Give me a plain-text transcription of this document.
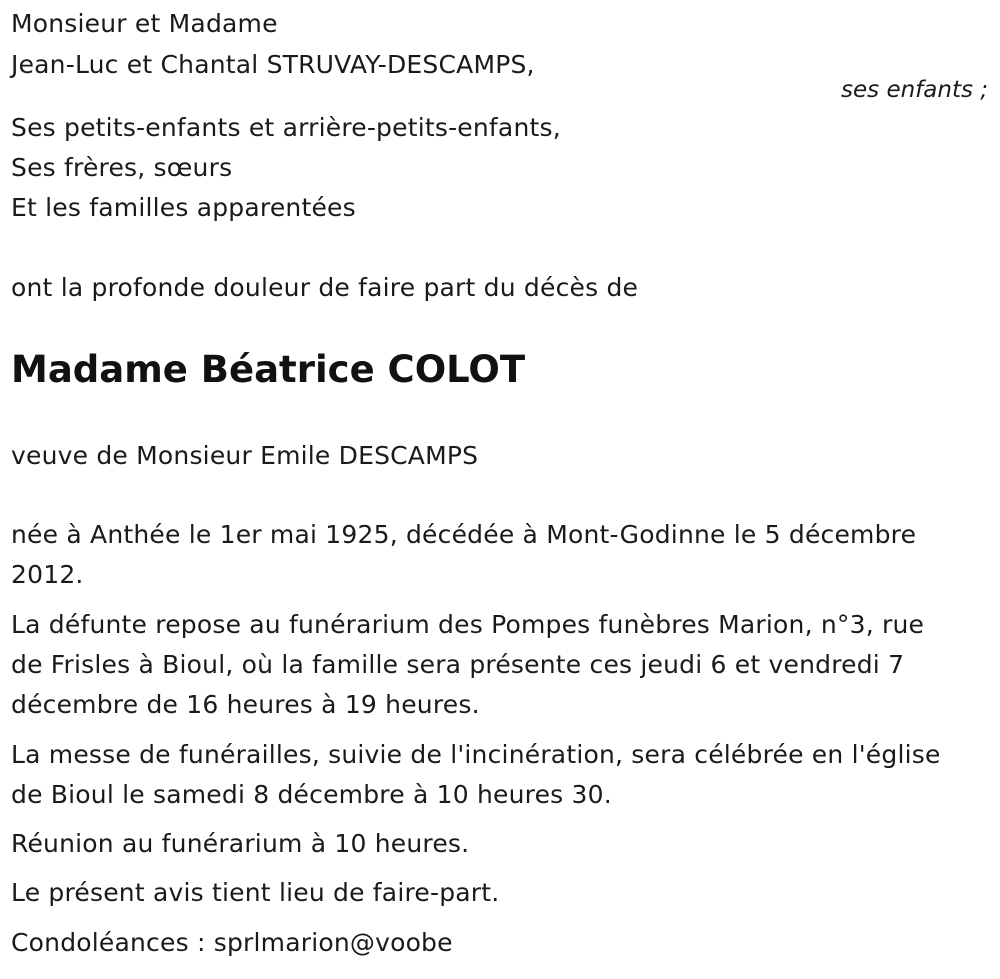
Monsieur et Madame
Jean-Luc et Chantal STRUVAY-DESCAMPS,
ses enfants ;
Ses petits-enfants et arrière-petits-enfants,
Ses frères, sœurs
Et les familles apparentées
ont la profonde douleur de faire part du décès de
Madame Béatrice COLOT
veuve de Monsieur Emile DESCAMPS
née à Anthée le 1er mai 1925, décédée à Mont-Godinne le 5 décembre
2012.
La défunte repose au funérarium des Pompes funèbres Marion, n°3, rue
de Frisles à Bioul, où la famille sera présente ces jeudi 6 et vendredi 7
décembre de 16 heures à 19 heures.
La messe de funérailles, suivie de l'incinération, sera célébrée en l'église
de Bioul le samedi 8 décembre à 10 heures 30.
Réunion au funérarium à 10 heures.
Le présent avis tient lieu de faire-part.
Condoléances : sprlmarion@voobe
